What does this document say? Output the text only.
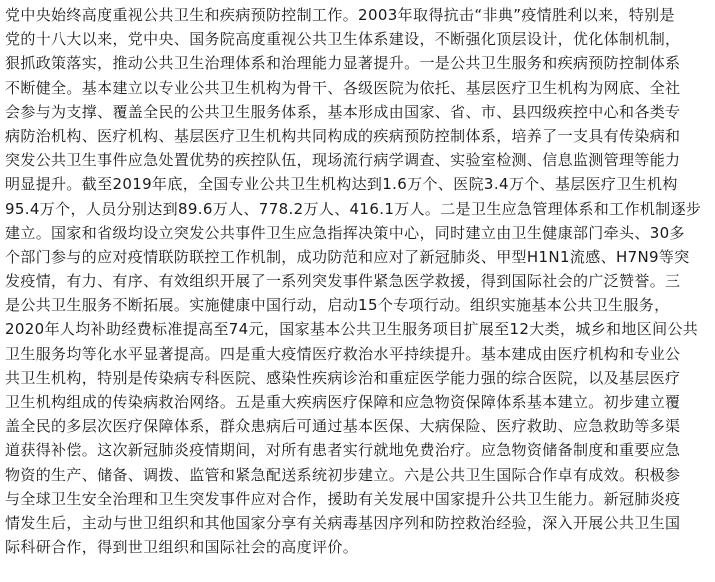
党中央始终高度重视公共卫生和疾病预防控制工作。2003年取得抗击“非典”疫情胜利以来，特别是
党的十八大以来，党中央、国务院高度重视公共卫生体系建设，不断强化顶层设计，优化体制机制，
狠抓政策落实，推动公共卫生治理体系和治理能力显著提升。一是公共卫生服务和疾病预防控制体系
不断健全。基本建立以专业公共卫生机构为骨干、各级医院为依托、基层医疗卫生机构为网底、全社
会参与为支撑、覆盖全民的公共卫生服务体系，基本形成由国家、省、市、县四级疾控中心和各类专
病防治机构、医疗机构、基层医疗卫生机构共同构成的疾病预防控制体系，培养了一支具有传染病和
突发公共卫生事件应急处置优势的疾控队伍，现场流行病学调查、实验室检测、信息监测管理等能力
明显提升。截至2019年底，全国专业公共卫生机构达到1.6万个、医院3.4万个、基层医疗卫生机构
95.4万个，人员分别达到89.6万人、778.2万人、416.1万人。二是卫生应急管理体系和工作机制逐步
建立。国家和省级均设立突发公共事件卫生应急指挥决策中心，同时建立由卫生健康部门牵头、30多
个部门参与的应对疫情联防联控工作机制，成功防范和应对了新冠肺炎、甲型H1N1流感、H7N9等突
发疫情，有力、有序、有效组织开展了一系列突发事件紧急医学救援，得到国际社会的广泛赞誉。三
是公共卫生服务不断拓展。实施健康中国行动，启动15个专项行动。组织实施基本公共卫生服务，
2020年人均补助经费标准提高至74元，国家基本公共卫生服务项目扩展至12大类，城乡和地区间公共
卫生服务均等化水平显著提高。四是重大疫情医疗救治水平持续提升。基本建成由医疗机构和专业公
共卫生机构，特别是传染病专科医院、感染性疾病诊治和重症医学能力强的综合医院，以及基层医疗
卫生机构组成的传染病救治网络。五是重大疾病医疗保障和应急物资保障体系基本建立。初步建立覆
盖全民的多层次医疗保障体系，群众患病后可通过基本医保、大病保险、医疗救助、应急救助等多渠
道获得补偿。这次新冠肺炎疫情期间，对所有患者实行就地免费治疗。应急物资储备制度和重要应急
物资的生产、储备、调拨、监管和紧急配送系统初步建立。六是公共卫生国际合作卓有成效。积极参
与全球卫生安全治理和卫生突发事件应对合作，援助有关发展中国家提升公共卫生能力。新冠肺炎疫
情发生后，主动与世卫组织和其他国家分享有关病毒基因序列和防控救治经验，深入开展公共卫生国
际科研合作，得到世卫组织和国际社会的高度评价。
